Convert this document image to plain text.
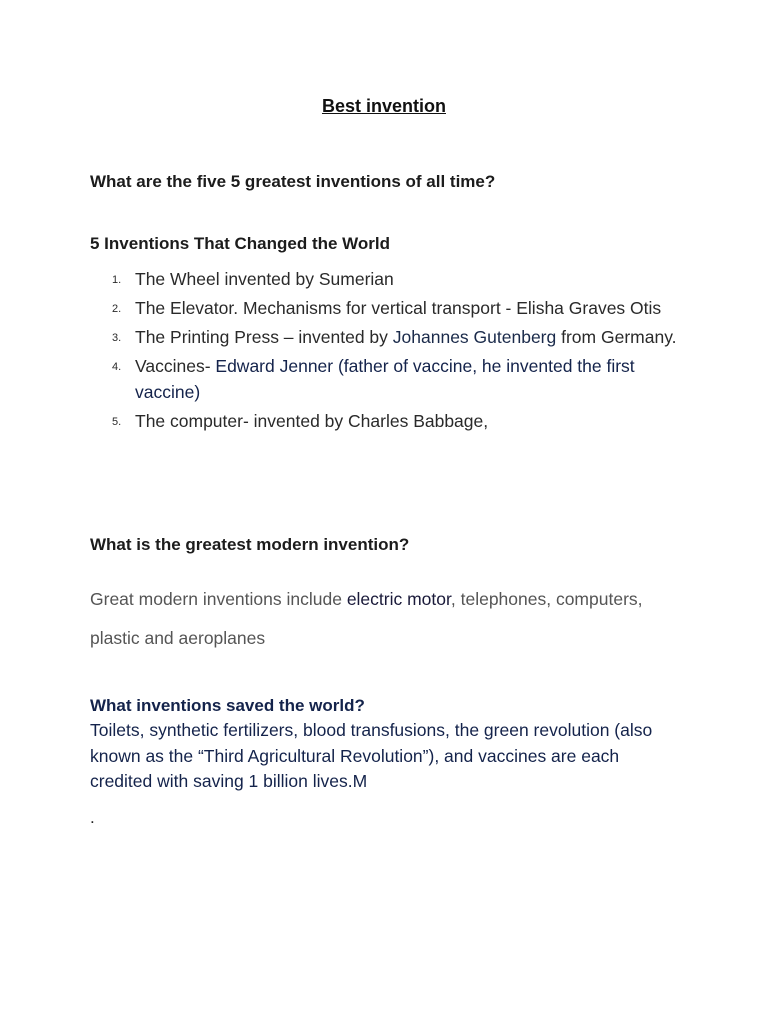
Best invention
What are the five 5 greatest inventions of all time?
5 Inventions That Changed the World
1. The Wheel invented by Sumerian
2. The Elevator. Mechanisms for vertical transport - Elisha Graves Otis
3. The Printing Press – invented by Johannes Gutenberg from Germany.
4. Vaccines- Edward Jenner (father of vaccine, he invented the first vaccine)
5. The computer- invented by Charles Babbage,
What is the greatest modern invention?
Great modern inventions include electric motor, telephones, computers, plastic and aeroplanes
What inventions saved the world?
Toilets, synthetic fertilizers, blood transfusions, the green revolution (also known as the “Third Agricultural Revolution”), and vaccines are each credited with saving 1 billion lives.M
.
